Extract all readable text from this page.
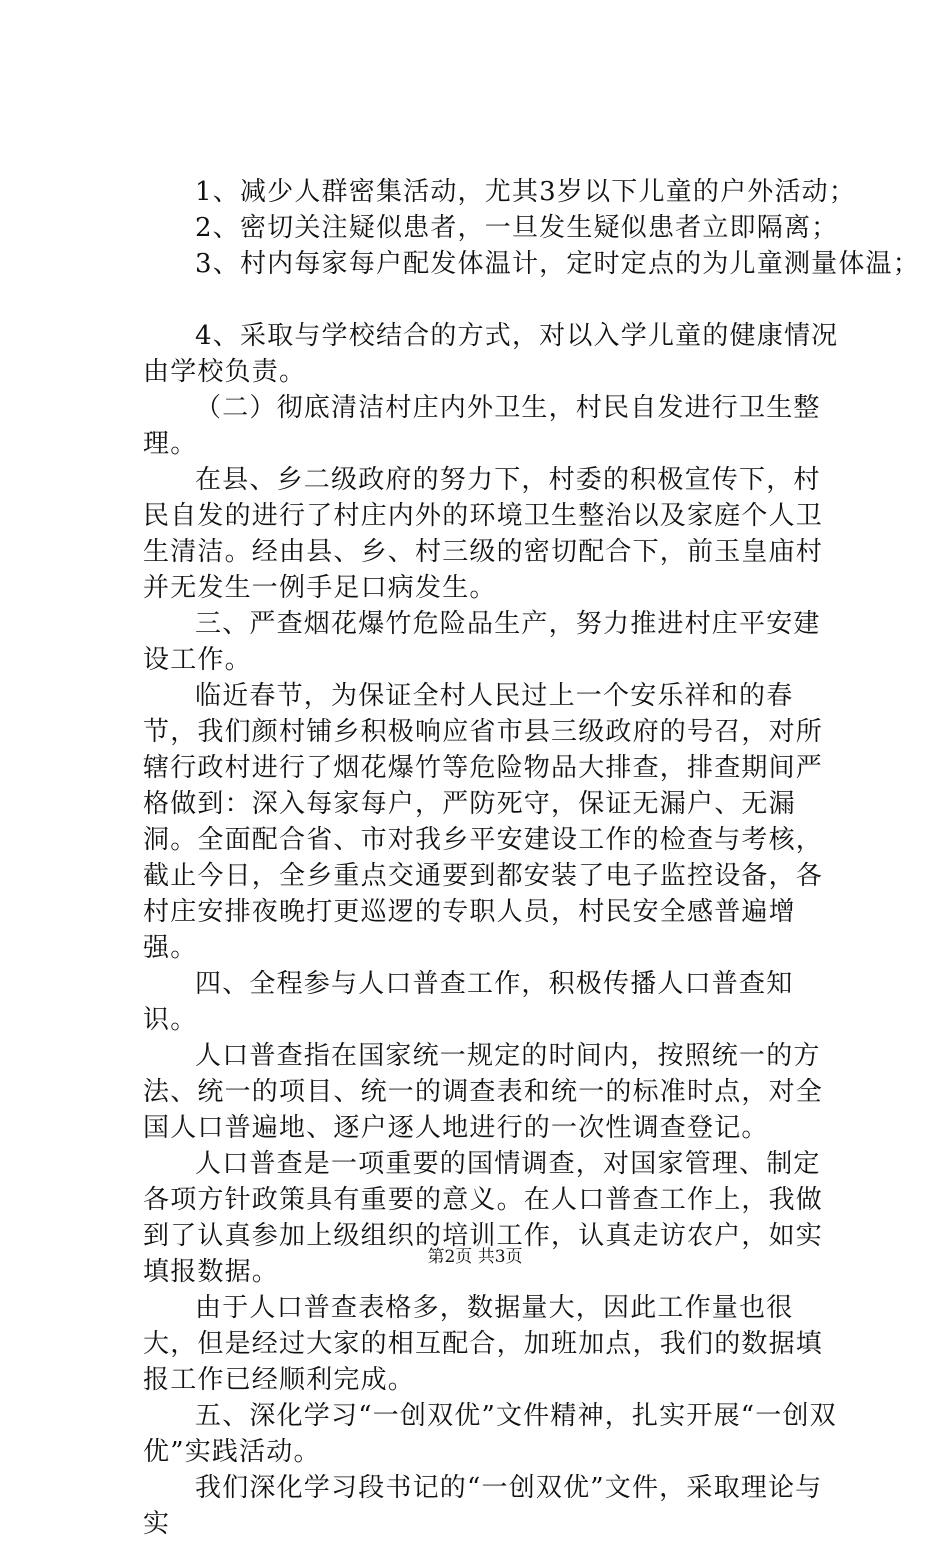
1、减少人群密集活动，尤其3岁以下儿童的户外活动；

2、密切关注疑似患者，一旦发生疑似患者立即隔离；

3、村内每家每户配发体温计，定时定点的为儿童测量体温；

4、采取与学校结合的方式，对以入学儿童的健康情况由学校负责。

（二）彻底清洁村庄内外卫生，村民自发进行卫生整理。

在县、乡二级政府的努力下，村委的积极宣传下，村民自发的进行了村庄内外的环境卫生整治以及家庭个人卫生清洁。经由县、乡、村三级的密切配合下，前玉皇庙村并无发生一例手足口病发生。

三、严查烟花爆竹危险品生产，努力推进村庄平安建设工作。

临近春节，为保证全村人民过上一个安乐祥和的春节，我们颜村铺乡积极响应省市县三级政府的号召，对所辖行政村进行了烟花爆竹等危险物品大排查，排查期间严格做到：深入每家每户，严防死守，保证无漏户、无漏洞。全面配合省、市对我乡平安建设工作的检查与考核，截止今日，全乡重点交通要到都安装了电子监控设备，各村庄安排夜晚打更巡逻的专职人员，村民安全感普遍增强。

四、全程参与人口普查工作，积极传播人口普查知识。

人口普查指在国家统一规定的时间内，按照统一的方法、统一的项目、统一的调查表和统一的标准时点，对全国人口普遍地、逐户逐人地进行的一次性调查登记。

人口普查是一项重要的国情调查，对国家管理、制定各项方针政策具有重要的意义。在人口普查工作上，我做到了认真参加上级组织的培训工作，认真走访农户，如实填报数据。

由于人口普查表格多，数据量大，因此工作量也很大，但是经过大家的相互配合，加班加点，我们的数据填报工作已经顺利完成。

五、深化学习“一创双优”文件精神，扎实开展“一创双优”实践活动。

我们深化学习段书记的“一创双优”文件，采取理论与实

第2页 共3页
